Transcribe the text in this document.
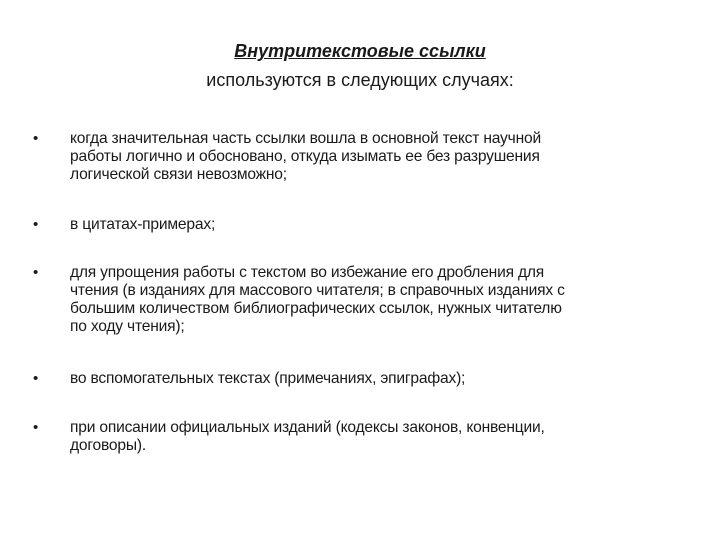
Внутритекстовые ссылки
используются в следующих случаях:
• когда значительная часть ссылки вошла в основной текст научной
работы логично и обосновано, откуда изымать ее без разрушения
логической связи невозможно;
• в цитатах-примерах;
• для упрощения работы с текстом во избежание его дробления для
чтения (в изданиях для массового читателя; в справочных изданиях с
большим количеством библиографических ссылок, нужных читателю
по ходу чтения);
• во вспомогательных текстах (примечаниях, эпиграфах);
• при описании официальных изданий (кодексы законов, конвенции,
договоры).
